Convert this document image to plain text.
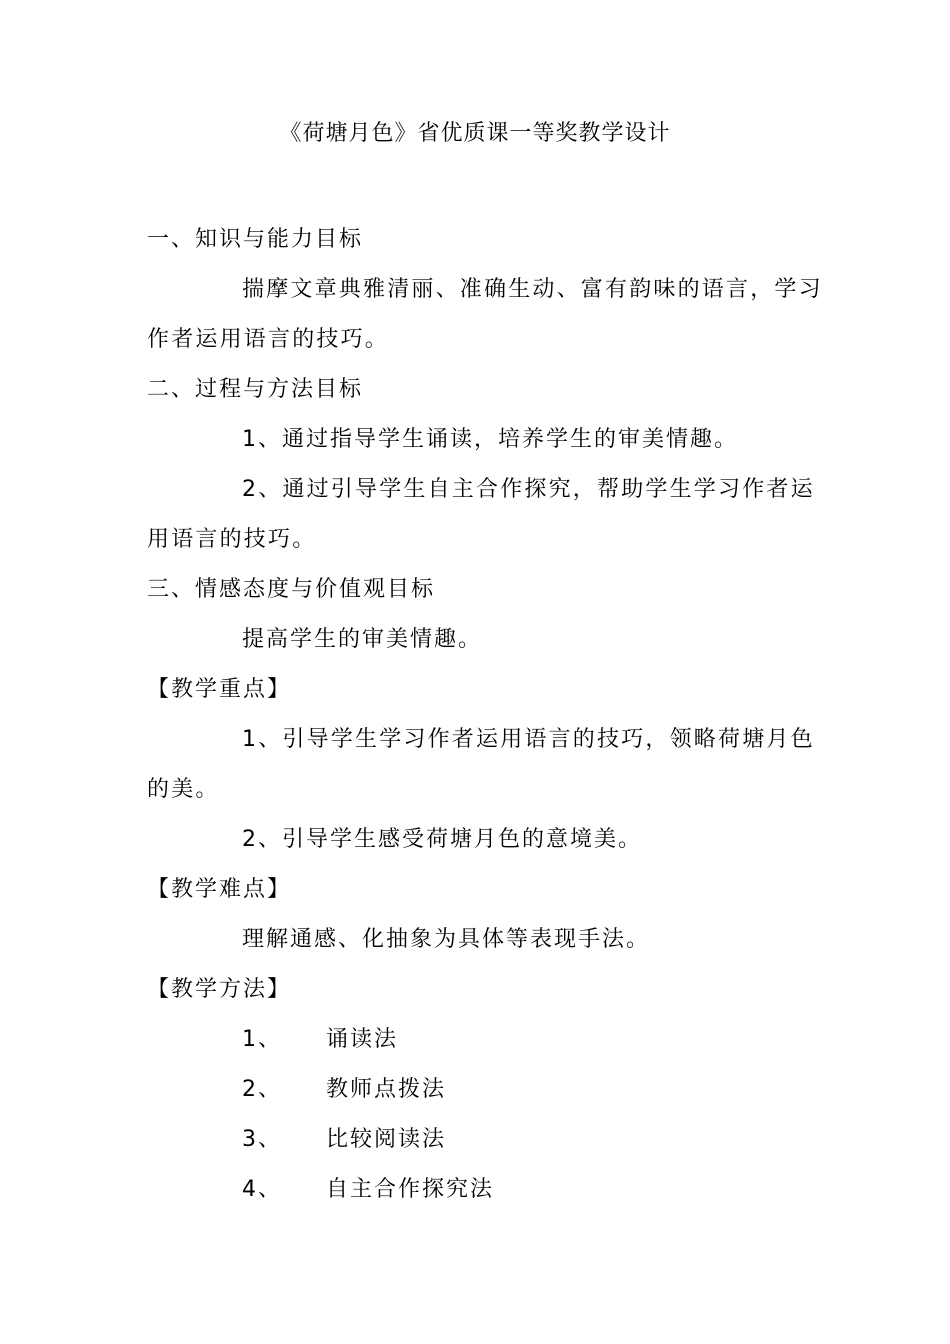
《荷塘月色》省优质课一等奖教学设计

一、知识与能力目标

揣摩文章典雅清丽、准确生动、富有韵味的语言，学习
作者运用语言的技巧。

二、过程与方法目标

1、通过指导学生诵读，培养学生的审美情趣。

2、通过引导学生自主合作探究，帮助学生学习作者运
用语言的技巧。

三、情感态度与价值观目标

提高学生的审美情趣。

【教学重点】

1、引导学生学习作者运用语言的技巧，领略荷塘月色
的美。

2、引导学生感受荷塘月色的意境美。

【教学难点】

理解通感、化抽象为具体等表现手法。

【教学方法】

1、 诵读法

2、 教师点拨法

3、 比较阅读法

4、 自主合作探究法
